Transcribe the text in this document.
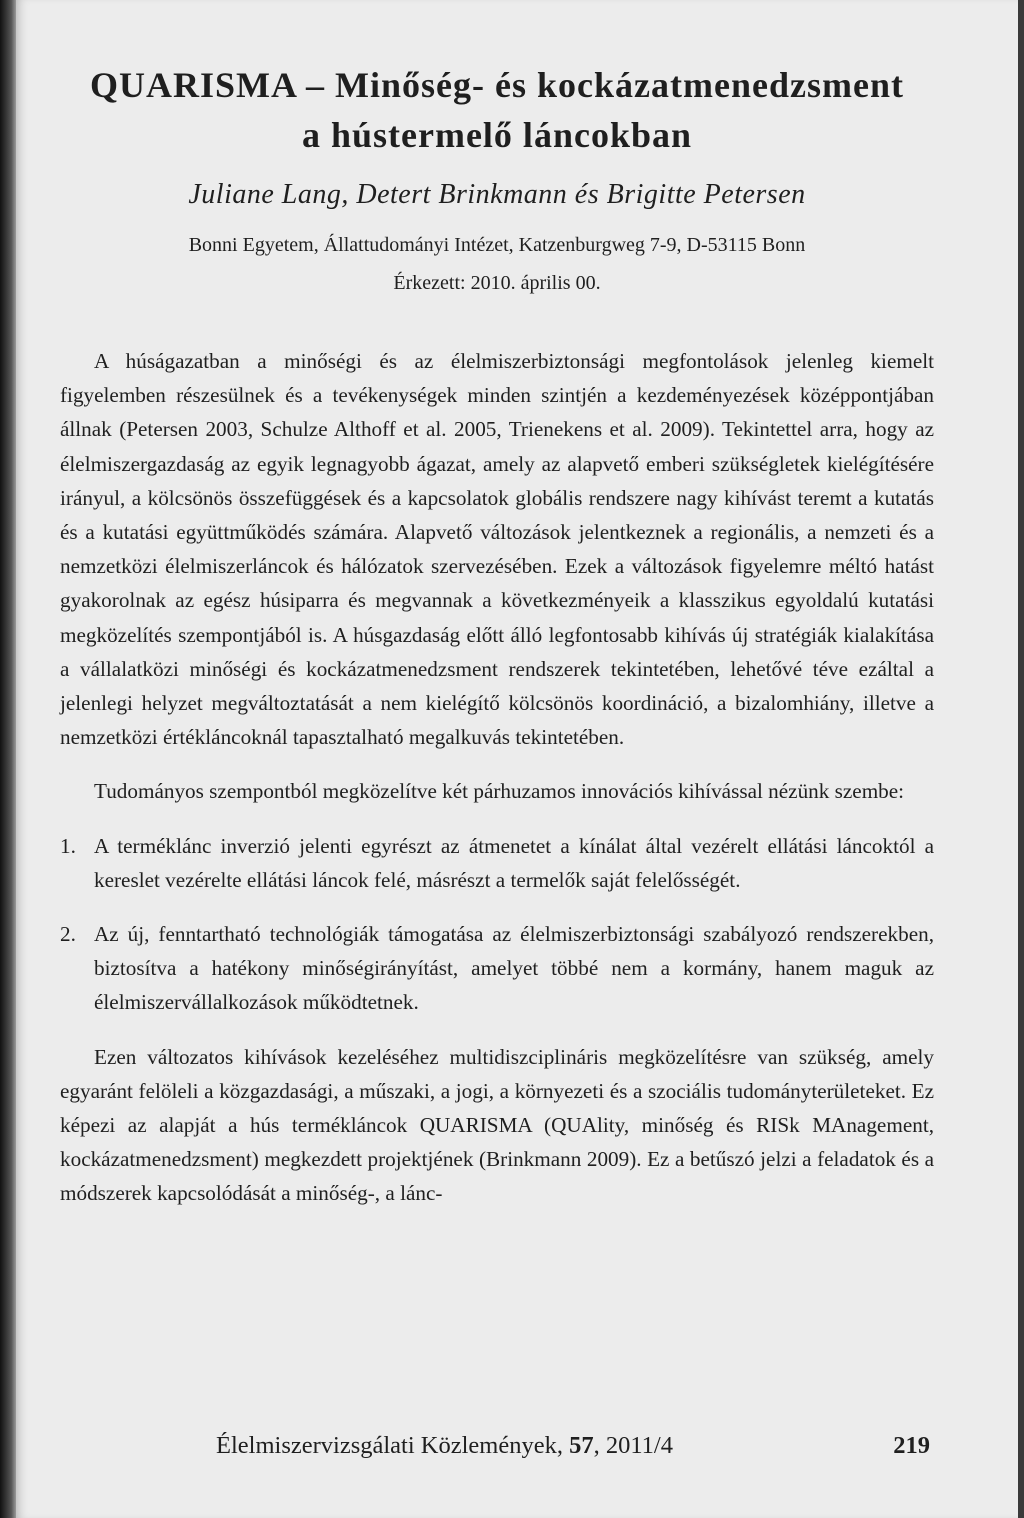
QUARISMA – Minőség- és kockázatmenedzsment
a hústermelő láncokban

Juliane Lang, Detert Brinkmann és Brigitte Petersen

Bonni Egyetem, Állattudományi Intézet, Katzenburgweg 7-9, D-53115 Bonn

Érkezett: 2010. április 00.

A húságazatban a minőségi és az élelmiszerbiztonsági megfontolások jelenleg kiemelt figyelemben részesülnek és a tevékenységek minden szintjén a kezdeményezések középpontjában állnak (Petersen 2003, Schulze Althoff et al. 2005, Trienekens et al. 2009). Tekintettel arra, hogy az élelmiszergazdaság az egyik legnagyobb ágazat, amely az alapvető emberi szükségletek kielégítésére irányul, a kölcsönös összefüggések és a kapcsolatok globális rendszere nagy kihívást teremt a kutatás és a kutatási együttműködés számára. Alapvető változások jelentkeznek a regionális, a nemzeti és a nemzetközi élelmiszerláncok és hálózatok szervezésében. Ezek a változások figyelemre méltó hatást gyakorolnak az egész húsiparra és megvannak a következményeik a klasszikus egyoldalú kutatási megközelítés szempontjából is. A húsgazdaság előtt álló legfontosabb kihívás új stratégiák kialakítása a vállalatközi minőségi és kockázatmenedzsment rendszerek tekintetében, lehetővé téve ezáltal a jelenlegi helyzet megváltoztatását a nem kielégítő kölcsönös koordináció, a bizalomhiány, illetve a nemzetközi értékláncoknál tapasztalható megalkuvás tekintetében.

Tudományos szempontból megközelítve két párhuzamos innovációs kihívással nézünk szembe:

1. A terméklánc inverzió jelenti egyrészt az átmenetet a kínálat által vezérelt ellátási láncoktól a kereslet vezérelte ellátási láncok felé, másrészt a termelők saját felelősségét.
2. Az új, fenntartható technológiák támogatása az élelmiszerbiztonsági szabályozó rendszerekben, biztosítva a hatékony minőségirányítást, amelyet többé nem a kormány, hanem maguk az élelmiszervállalkozások működtetnek.

Ezen változatos kihívások kezeléséhez multidiszciplináris megközelítésre van szükség, amely egyaránt felöleli a közgazdasági, a műszaki, a jogi, a környezeti és a szociális tudományterületeket. Ez képezi az alapját a hús termékláncok QUARISMA (QUAlity, minőség és RISk MAnagement, kockázatmenedzsment) megkezdett projektjének (Brinkmann 2009). Ez a betűszó jelzi a feladatok és a módszerek kapcsolódását a minőség-, a lánc-

Élelmiszervizsgálati Közlemények, 57, 2011/4	219
